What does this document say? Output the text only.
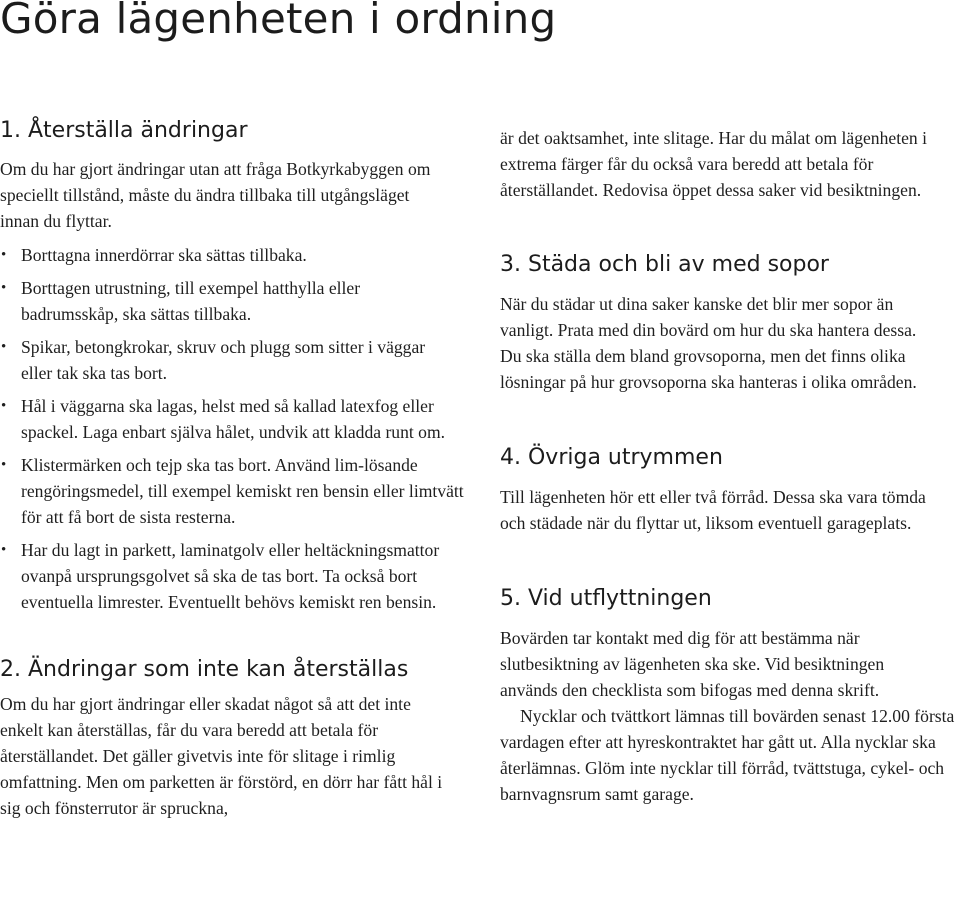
Göra lägenheten i ordning
1. Återställa ändringar

Om du har gjort ändringar utan att fråga Botkyrkabyggen om speciellt tillstånd, måste du ändra tillbaka till utgångsläget innan du flyttar.

• Borttagna innerdörrar ska sättas tillbaka.
• Borttagen utrustning, till exempel hatthylla eller badrumsskåp, ska sättas tillbaka.
• Spikar, betongkrokar, skruv och plugg som sitter i väggar eller tak ska tas bort.
• Hål i väggarna ska lagas, helst med så kallad latexfog eller spackel. Laga enbart själva hålet, undvik att kladda runt om.
• Klistermärken och tejp ska tas bort. Använd lim-lösande rengöringsmedel, till exempel kemiskt ren bensin eller limtvätt för att få bort de sista resterna.
• Har du lagt in parkett, laminatgolv eller heltäckningsmattor ovanpå ursprungsgolvet så ska de tas bort. Ta också bort eventuella limrester. Eventuellt behövs kemiskt ren bensin.
2. Ändringar som inte kan återställas

Om du har gjort ändringar eller skadat något så att det inte enkelt kan återställas, får du vara beredd att betala för återställandet. Det gäller givetvis inte för slitage i rimlig omfattning. Men om parketten är förstörd, en dörr har fått hål i sig och fönsterrutor är spruckna,

är det oaktsamhet, inte slitage. Har du målat om lägenheten i extrema färger får du också vara beredd att betala för återställandet. Redovisa öppet dessa saker vid besiktningen.

3. Städa och bli av med sopor

När du städar ut dina saker kanske det blir mer sopor än vanligt. Prata med din bovärd om hur du ska hantera dessa. Du ska ställa dem bland grovsoporna, men det finns olika lösningar på hur grovsoporna ska hanteras i olika områden.

4. Övriga utrymmen

Till lägenheten hör ett eller två förråd. Dessa ska vara tömda och städade när du flyttar ut, liksom eventuell garageplats.

5. Vid utflyttningen

Bovärden tar kontakt med dig för att bestämma när slutbesiktning av lägenheten ska ske. Vid besiktningen används den checklista som bifogas med denna skrift.

Nycklar och tvättkort lämnas till bovärden senast 12.00 första vardagen efter att hyreskontraktet har gått ut. Alla nycklar ska återlämnas. Glöm inte nycklar till förråd, tvättstuga, cykel- och barnvagnsrum samt garage.
